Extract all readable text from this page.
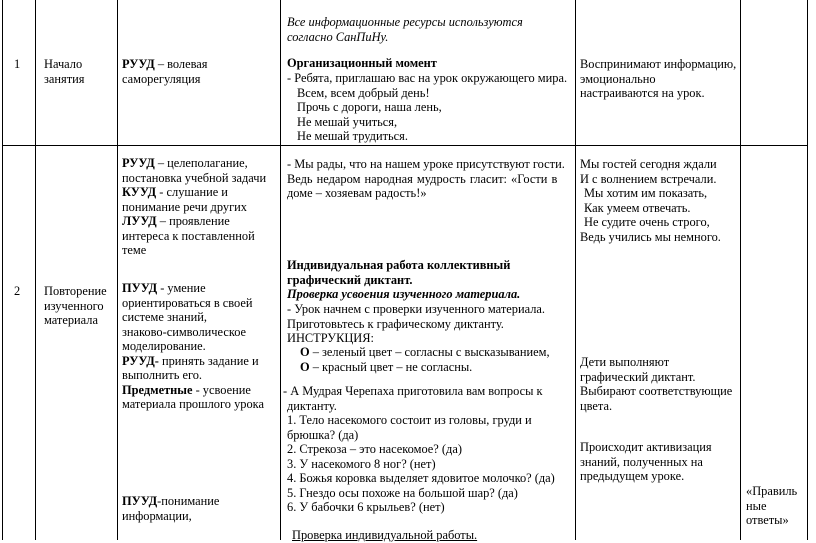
1 Начало
занятия
РУУД – волевая
саморегуляция
Все информационные ресурсы используются
согласно СанПиНу.
Организационный момент
- Ребята, приглашаю вас на урок окружающего мира.
Всем, всем добрый день!
Прочь с дороги, наша лень,
Не мешай учиться,
Не мешай трудиться.
Воспринимают информацию,
эмоционально
настраиваются на урок.
2 Повторение
изученного
материала
РУУД – целеполагание,
постановка учебной задачи
КУУД - слушание и
понимание речи других
ЛУУД – проявление
интереса к поставленной
теме
ПУУД - умение
ориентироваться в своей
системе знаний,
знаково-символическое
моделирование.
РУУД- принять задание и
выполнить его.
Предметные - усвоение
материала прошлого урока
ПУУД-понимание
информации,
- Мы рады, что на нашем уроке присутствуют гости.
Ведь недаром народная мудрость гласит: «Гости в
доме – хозяевам радость!»
Индивидуальная работа коллективный
графический диктант.
Проверка усвоения изученного материала.
- Урок начнем с проверки изученного материала.
Приготовьтесь к графическому диктанту.
ИНСТРУКЦИЯ:
О – зеленый цвет – согласны с высказыванием,
О – красный цвет – не согласны.
- А Мудрая Черепаха приготовила вам вопросы к
диктанту.
1. Тело насекомого состоит из головы, груди и
брюшка? (да)
2. Стрекоза – это насекомое? (да)
3. У насекомого 8 ног? (нет)
4. Божья коровка выделяет ядовитое молочко? (да)
5. Гнездо осы похоже на большой шар? (да)
6. У бабочки 6 крыльев? (нет)
Проверка индивидуальной работы.
Мы гостей сегодня ждали
И с волнением встречали.
Мы хотим им показать,
Как умеем отвечать.
Не судите очень строго,
Ведь учились мы немного.
Дети выполняют
графический диктант.
Выбирают соответствующие
цвета.
Происходит активизация
знаний, полученных на
предыдущем уроке.
«Правиль
ные
ответы»
